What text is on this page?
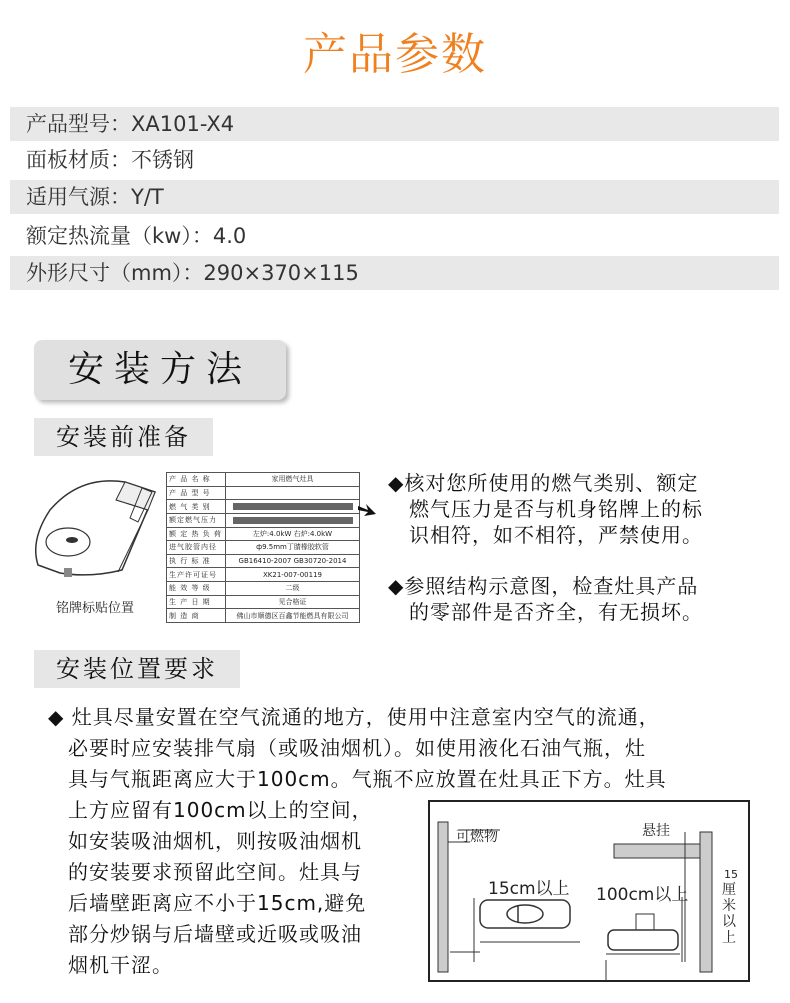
产品参数
产品型号：XA101-X4
面板材质：不锈钢
适用气源：Y/T
额定热流量（kw）：4.0
外形尺寸（mm）：290×370×115
安装方法
安装前准备
铭牌标贴位置
产 品 名 称	家用燃气灶具
产 品 型 号	
燃 气 类 别	
额定燃气压力	
额 定 热 负 荷	左炉:4.0kW 右炉:4.0kW
进气胶管内径	ф9.5mm丁腈橡胶软管
执 行 标 准	GB16410-2007 GB30720-2014
生产许可证号	XK21-007-00119
能 效 等 级	二级
生 产 日 期	见合格证
制 造 商	佛山市顺德区百鑫节能燃具有限公司
◆核对您所使用的燃气类别、额定
燃气压力是否与机身铭牌上的标
识相符，如不相符，严禁使用。
◆参照结构示意图，检查灶具产品
的零部件是否齐全，有无损坏。
安装位置要求
◆ 灶具尽量安置在空气流通的地方，使用中注意室内空气的流通，
必要时应安装排气扇（或吸油烟机）。如使用液化石油气瓶，灶
具与气瓶距离应大于100cm。气瓶不应放置在灶具正下方。灶具
上方应留有100cm以上的空间，
如安装吸油烟机，则按吸油烟机
的安装要求预留此空间。灶具与
后墙壁距离应不小于15cm,避免
部分炒锅与后墙壁或近吸或吸油
烟机干涩。
可燃物	悬挂
15cm以上 100cm以上
15
厘米以上
